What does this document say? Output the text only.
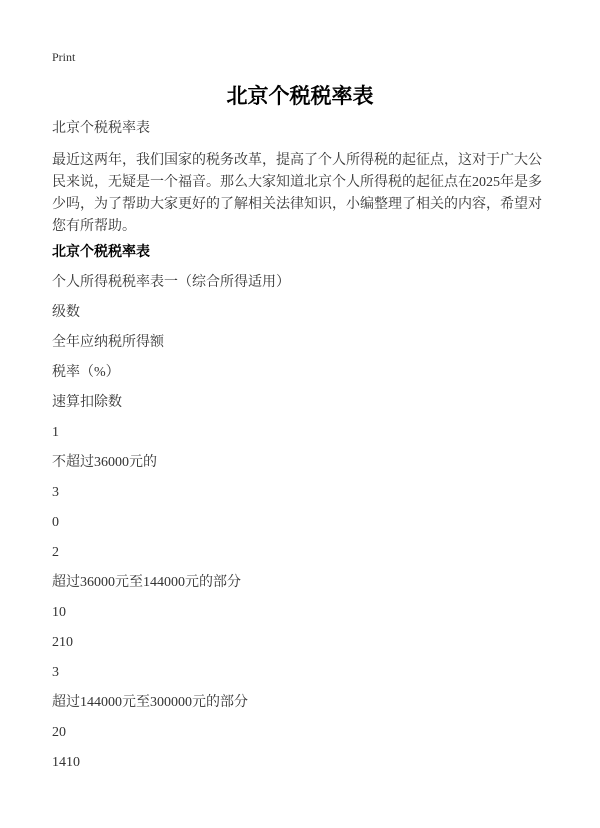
Print

北京个税税率表

北京个税税率表

最近这两年，我们国家的税务改革，提高了个人所得税的起征点，这对于广大公民来说，无疑是一个福音。那么大家知道北京个人所得税的起征点在2025年是多少吗，为了帮助大家更好的了解相关法律知识，小编整理了相关的内容，希望对您有所帮助。

北京个税税率表

个人所得税税率表一（综合所得适用）

级数

全年应纳税所得额

税率（%）

速算扣除数

1

不超过36000元的

3

0

2

超过36000元至144000元的部分

10

210

3

超过144000元至300000元的部分

20

1410
